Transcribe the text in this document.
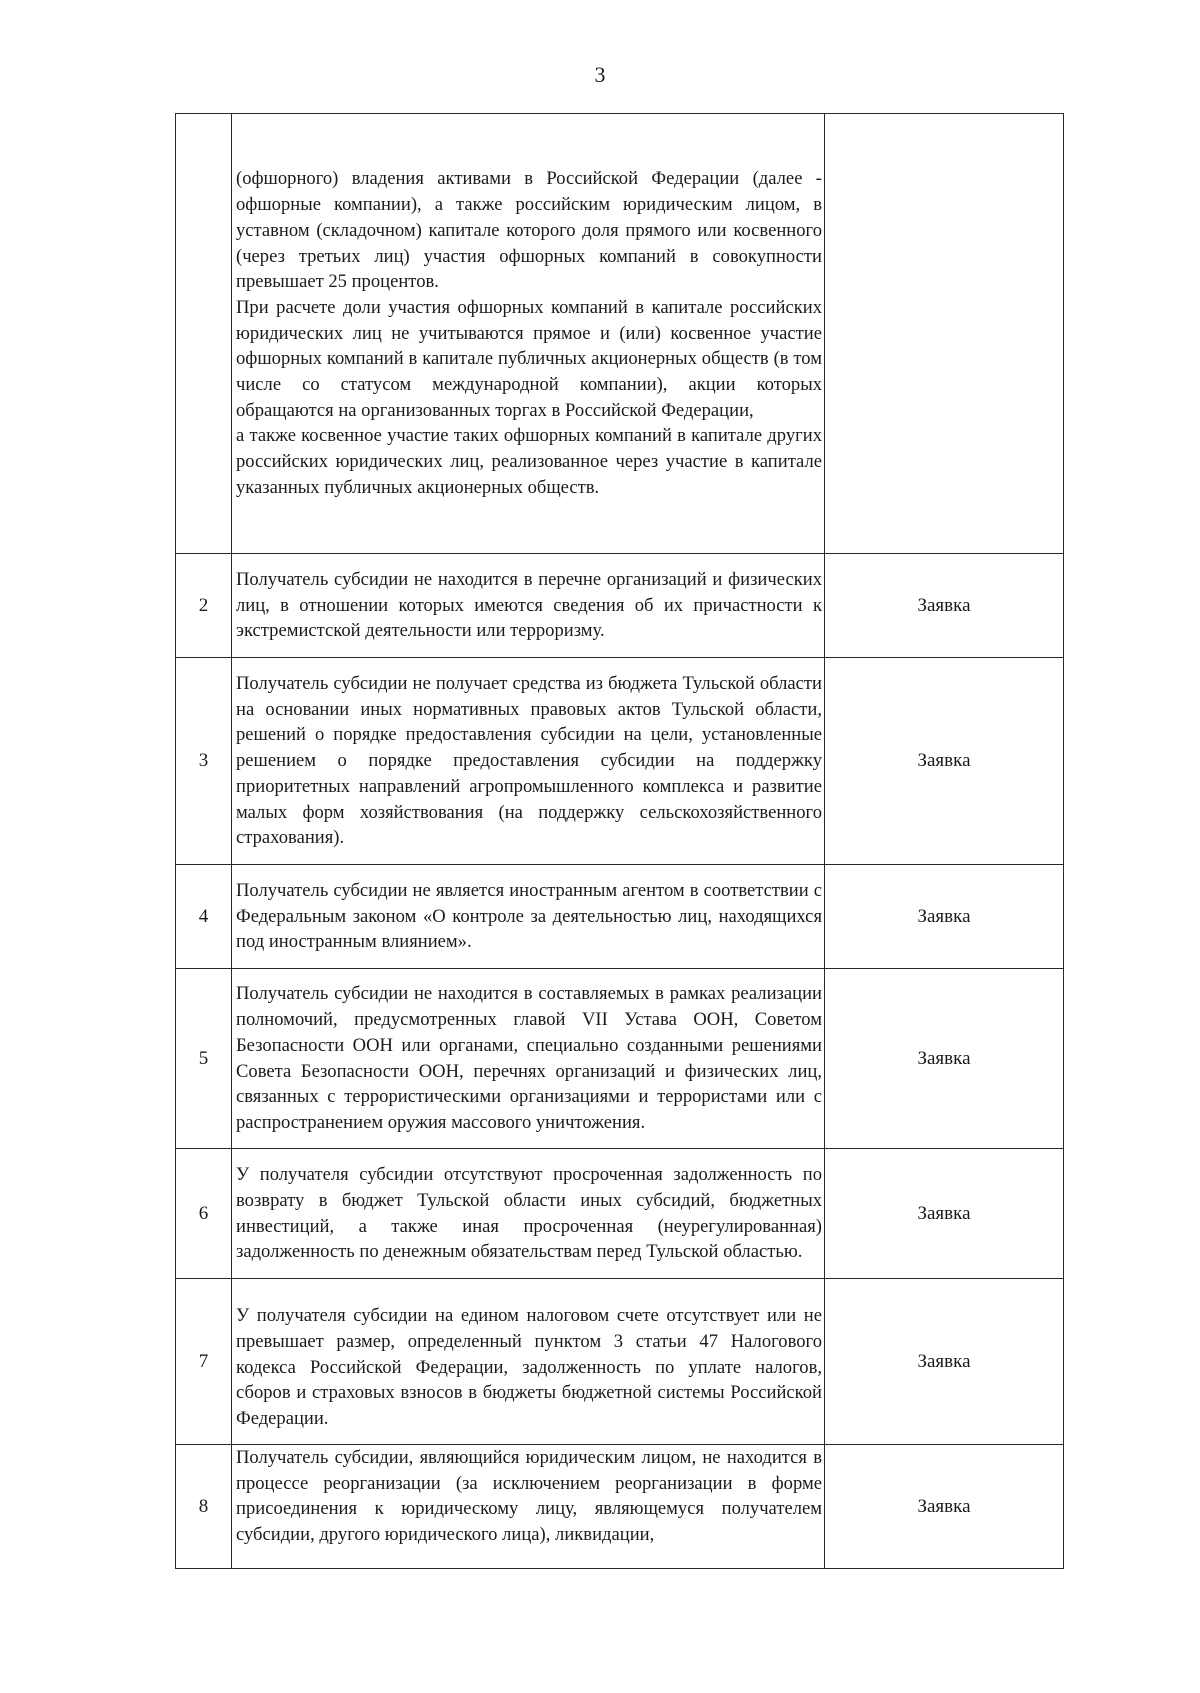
3

	(офшорного) владения активами в Российской Федерации (далее - офшорные компании), а также российским юридическим лицом, в уставном (складочном) капитале которого доля прямого или косвенного (через третьих лиц) участия офшорных компаний в совокупности превышает 25 процентов.

При расчете доли участия офшорных компаний в капитале российских юридических лиц не учитываются прямое и (или) косвенное участие офшорных компаний в капитале публичных акционерных обществ (в том числе со статусом международной компании), акции которых обращаются на организованных торгах в Российской Федерации,

а также косвенное участие таких офшорных компаний в капитале других российских юридических лиц, реализованное через участие в капитале указанных публичных акционерных обществ.	

2	Получатель субсидии не находится в перечне организаций и физических лиц, в отношении которых имеются сведения об их причастности к экстремистской деятельности или терроризму.	Заявка
3	Получатель субсидии не получает средства из бюджета Тульской области на основании иных нормативных правовых актов Тульской области, решений о порядке предоставления субсидии на цели, установленные решением о порядке предоставления субсидии на поддержку приоритетных направлений агропромышленного комплекса и развитие малых форм хозяйствования (на поддержку сельскохозяйственного страхования).	Заявка
4	Получатель субсидии не является иностранным агентом в соответствии с Федеральным законом «О контроле за деятельностью лиц, находящихся под иностранным влиянием».	Заявка
5	Получатель субсидии не находится в составляемых в рамках реализации полномочий, предусмотренных главой VII Устава ООН, Советом Безопасности ООН или органами, специально созданными решениями Совета Безопасности ООН, перечнях организаций и физических лиц, связанных с террористическими организациями и террористами или с распространением оружия массового уничтожения.	Заявка
6	У получателя субсидии отсутствуют просроченная задолженность по возврату в бюджет Тульской области иных субсидий, бюджетных инвестиций, а также иная просроченная (неурегулированная) задолженность по денежным обязательствам перед Тульской областью.	Заявка
7	У получателя субсидии на едином налоговом счете отсутствует или не превышает размер, определенный пунктом 3 статьи 47 Налогового кодекса Российской Федерации, задолженность по уплате налогов, сборов и страховых взносов в бюджеты бюджетной системы Российской Федерации.	Заявка
8	Получатель субсидии, являющийся юридическим лицом, не находится в процессе реорганизации (за исключением реорганизации в форме присоединения к юридическому лицу, являющемуся получателем субсидии, другого юридического лица), ликвидации,	Заявка
